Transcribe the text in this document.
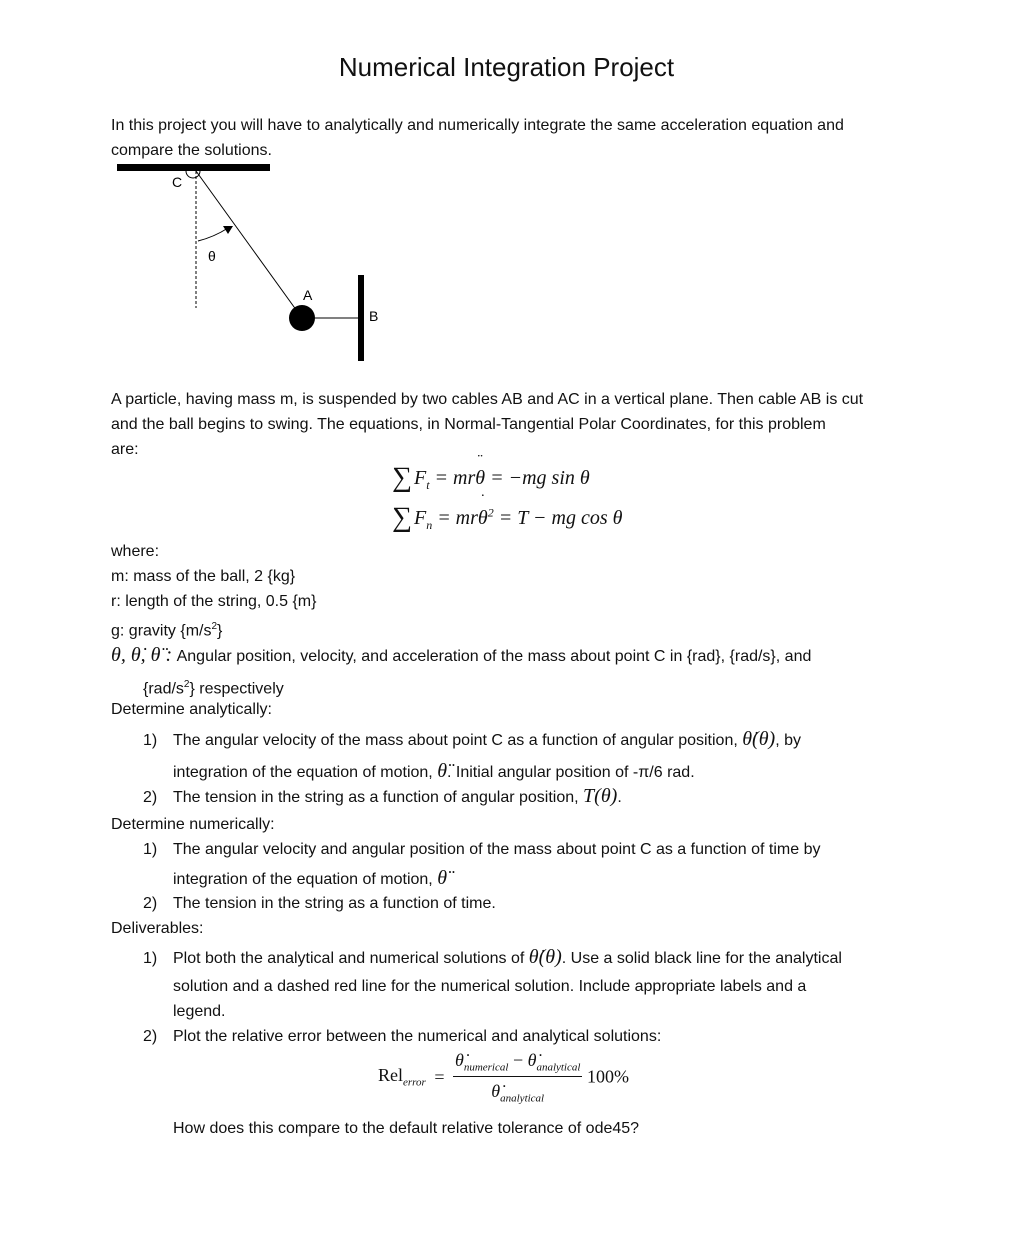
Numerical Integration Project
In this project you will have to analytically and numerically integrate the same acceleration equation and
compare the solutions.
C
θ
A
B
A particle, having mass m, is suspended by two cables AB and AC in a vertical plane. Then cable AB is cut
and the ball begins to swing. The equations, in Normal-Tangential Polar Coordinates, for this problem
are:
∑ $F_t$ = mr
¨
θ = −mg sin θ
∑ $F_n$ = mr
˙
$\theta^2 = T$ − mg cos θ
where:
m: mass of the ball, 2 {kg}
r: length of the string, 0.5 {m}
g: gravity $\{m/s^2\}$
θ, θ̇, θ̈ : Angular position, velocity, and acceleration of the mass about point C in {rad}, {rad/s}, and
$\{rad/s^2\}$ respectively
Determine analytically:
1) The angular velocity of the mass about point C as a function of angular position, θ̇(θ), by
integration of the equation of motion, θ̈. Initial angular position of -π/6 rad.
2) The tension in the string as a function of angular position, T(θ).
Determine numerically:
1) The angular velocity and angular position of the mass about point C as a function of time by
integration of the equation of motion, θ̈
2) The tension in the string as a function of time.
Deliverables:
1) Plot both the analytical and numerical solutions of θ̇(θ). Use a solid black line for the analytical
solution and a dashed red line for the numerical solution. Include appropriate labels and a
legend.
2) Plot the relative error between the numerical and analytical solutions:
$Rel_{error} = \frac{\thetȧ_{numerical} - \thetȧ_{analytical}}{\thetȧ_{analytical}} 100\%$
How does this compare to the default relative tolerance of ode45?
